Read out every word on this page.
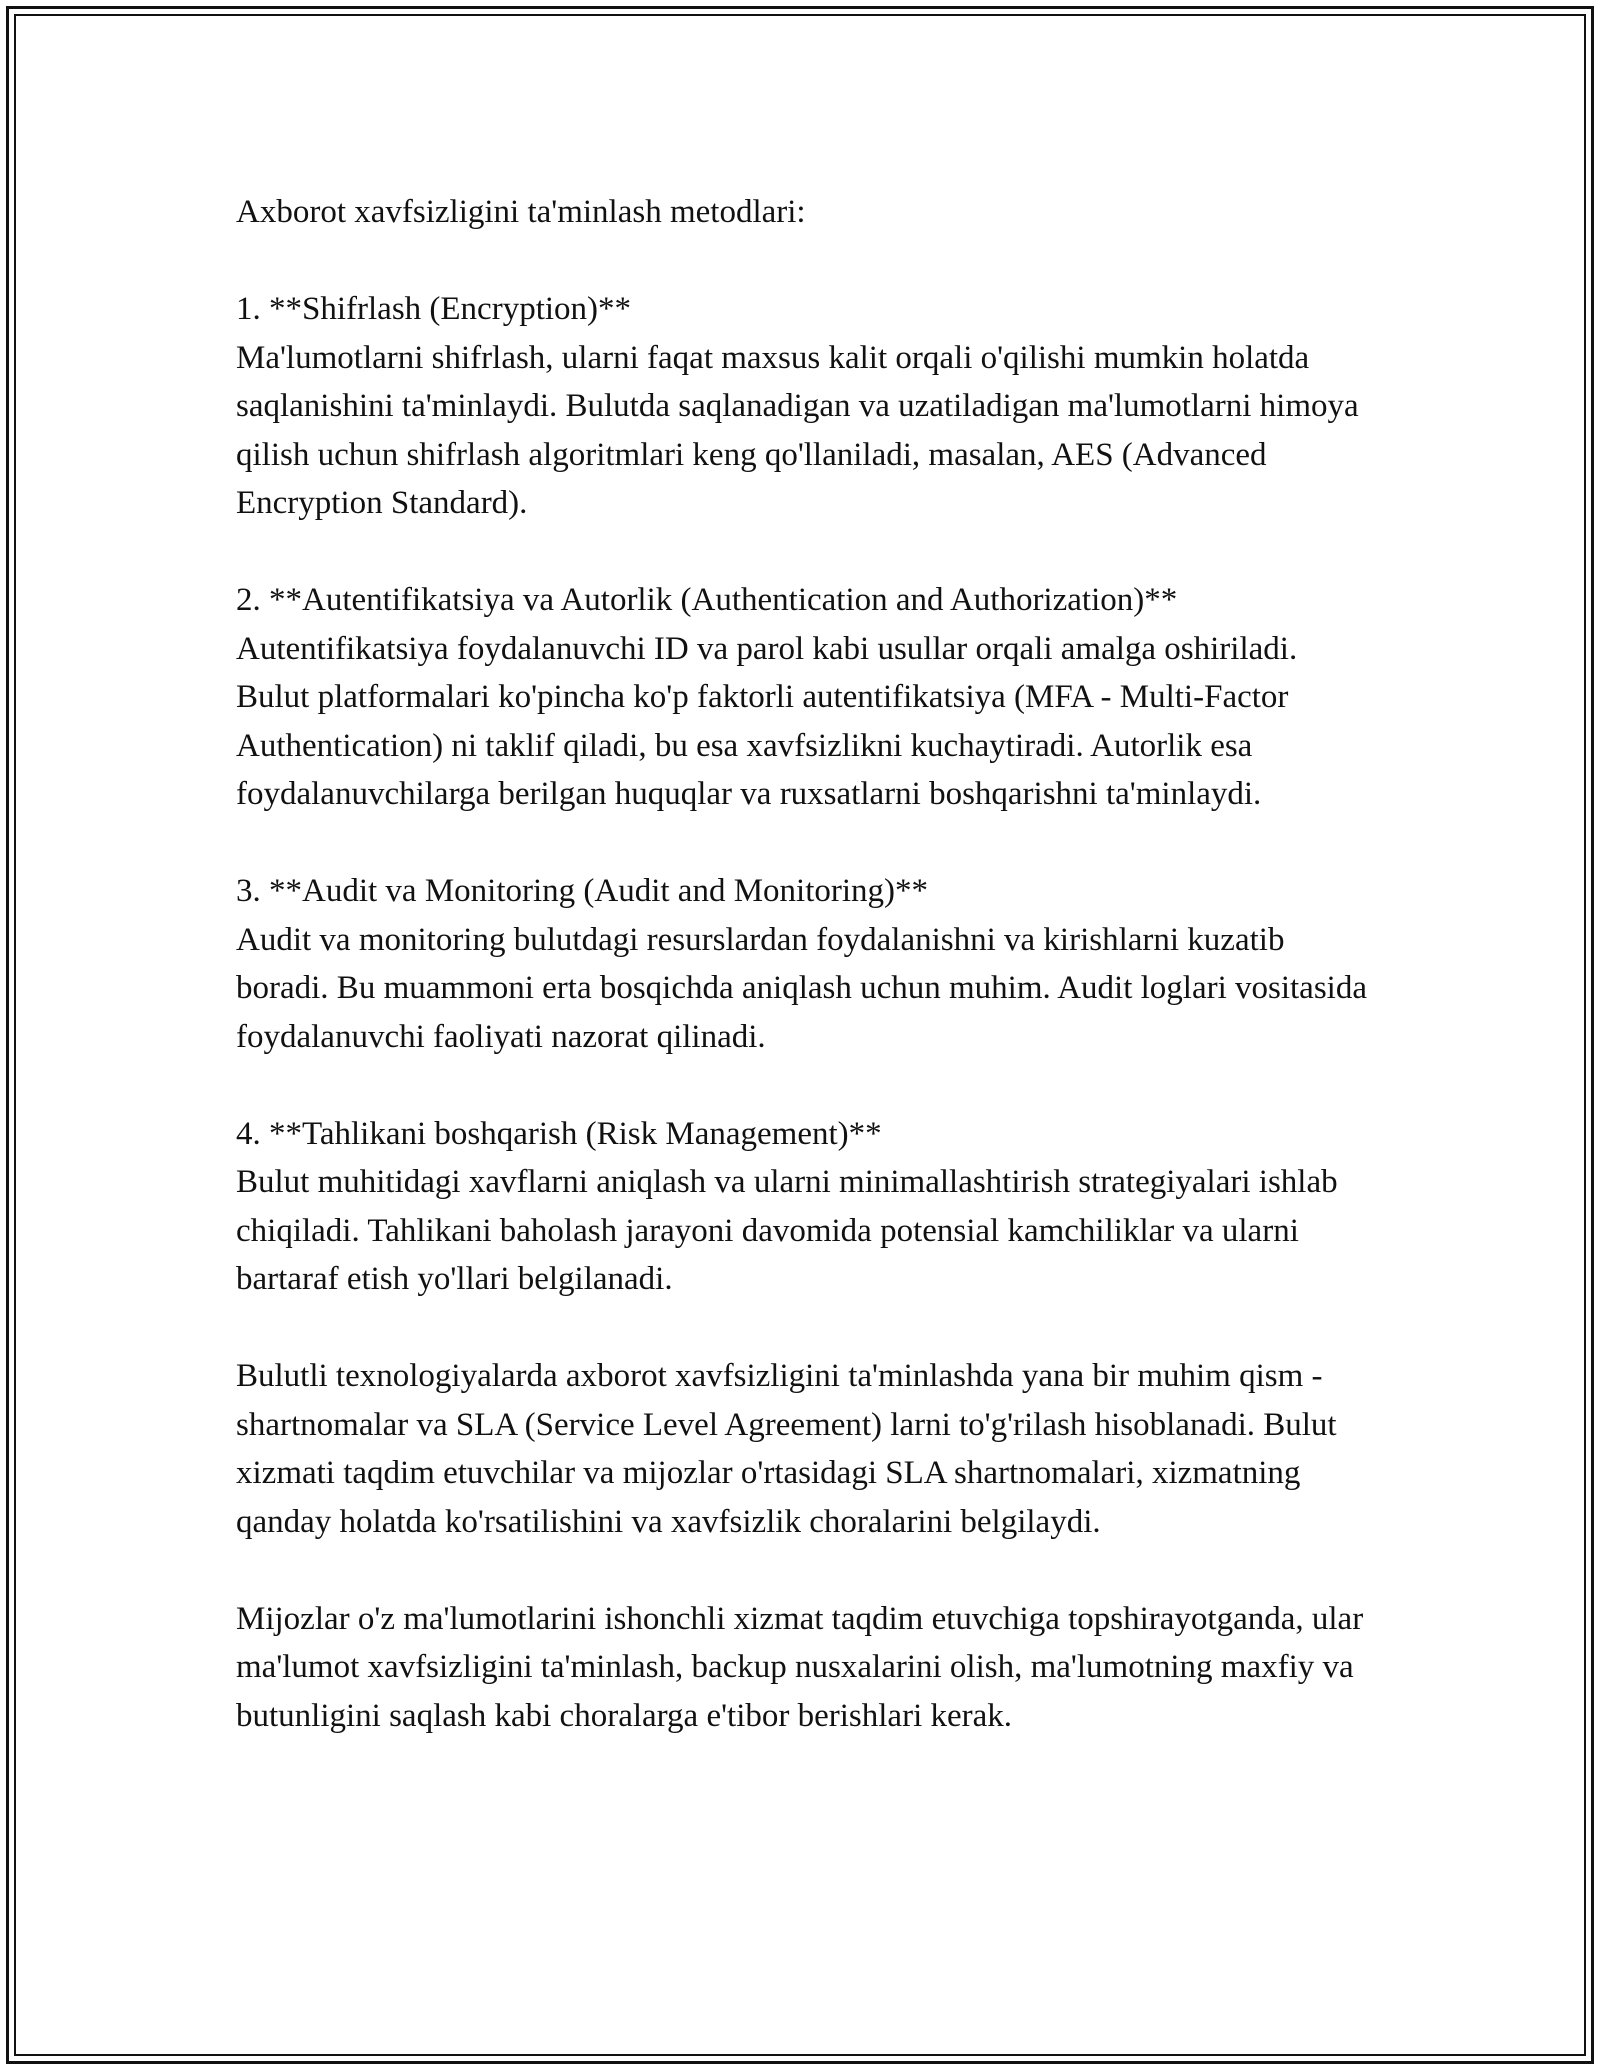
Axborot xavfsizligini ta'minlash metodlari:

1. **Shifrlash (Encryption)**
Ma'lumotlarni shifrlash, ularni faqat maxsus kalit orqali o'qilishi mumkin holatda saqlanishini ta'minlaydi. Bulutda saqlanadigan va uzatiladigan ma'lumotlarni himoya qilish uchun shifrlash algoritmlari keng qo'llaniladi, masalan, AES (Advanced Encryption Standard).

2. **Autentifikatsiya va Autorlik (Authentication and Authorization)**
Autentifikatsiya foydalanuvchi ID va parol kabi usullar orqali amalga oshiriladi. Bulut platformalari ko'pincha ko'p faktorli autentifikatsiya (MFA - Multi-Factor Authentication) ni taklif qiladi, bu esa xavfsizlikni kuchaytiradi. Autorlik esa foydalanuvchilarga berilgan huquqlar va ruxsatlarni boshqarishni ta'minlaydi.

3. **Audit va Monitoring (Audit and Monitoring)**
Audit va monitoring bulutdagi resurslardan foydalanishni va kirishlarni kuzatib boradi. Bu muammoni erta bosqichda aniqlash uchun muhim. Audit loglari vositasida foydalanuvchi faoliyati nazorat qilinadi.

4. **Tahlikani boshqarish (Risk Management)**
Bulut muhitidagi xavflarni aniqlash va ularni minimallashtirish strategiyalari ishlab chiqiladi. Tahlikani baholash jarayoni davomida potensial kamchiliklar va ularni bartaraf etish yo'llari belgilanadi.

Bulutli texnologiyalarda axborot xavfsizligini ta'minlashda yana bir muhim qism - shartnomalar va SLA (Service Level Agreement) larni to'g'rilash hisoblanadi. Bulut xizmati taqdim etuvchilar va mijozlar o'rtasidagi SLA shartnomalari, xizmatning qanday holatda ko'rsatilishini va xavfsizlik choralarini belgilaydi.

Mijozlar o'z ma'lumotlarini ishonchli xizmat taqdim etuvchiga topshirayotganda, ular ma'lumot xavfsizligini ta'minlash, backup nusxalarini olish, ma'lumotning maxfiy va butunligini saqlash kabi choralarga e'tibor berishlari kerak.
